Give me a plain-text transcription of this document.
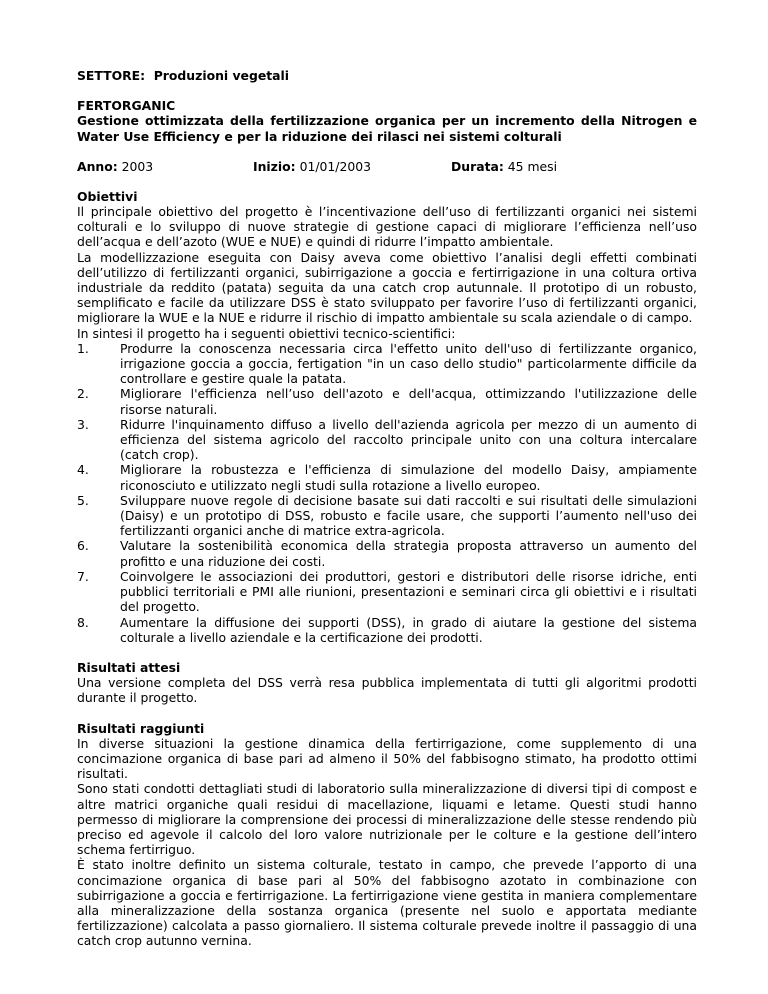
SETTORE: Produzioni vegetali

FERTORGANIC

Gestione ottimizzata della fertilizzazione organica per un incremento della Nitrogen e Water Use Efficiency e per la riduzione dei rilasci nei sistemi colturali

Anno: 2003	Inizio: 01/01/2003	Durata: 45 mesi

Obiettivi

Il principale obiettivo del progetto è l’incentivazione dell’uso di fertilizzanti organici nei sistemi colturali e lo sviluppo di nuove strategie di gestione capaci di migliorare l’efficienza nell’uso dell’acqua e dell’azoto (WUE e NUE) e quindi di ridurre l’impatto ambientale.

La modellizzazione eseguita con Daisy aveva come obiettivo l’analisi degli effetti combinati dell’utilizzo di fertilizzanti organici, subirrigazione a goccia e fertirrigazione in una coltura ortiva industriale da reddito (patata) seguita da una catch crop autunnale. Il prototipo di un robusto, semplificato e facile da utilizzare DSS è stato sviluppato per favorire l’uso di fertilizzanti organici, migliorare la WUE e la NUE e ridurre il rischio di impatto ambientale su scala aziendale o di campo.

In sintesi il progetto ha i seguenti obiettivi tecnico-scientifici:

1.	Produrre la conoscenza necessaria circa l'effetto unito dell'uso di fertilizzante organico, irrigazione goccia a goccia, fertigation "in un caso dello studio" particolarmente difficile da controllare e gestire quale la patata.
2.	Migliorare l'efficienza nell’uso dell'azoto e dell'acqua, ottimizzando l'utilizzazione delle risorse naturali.
3.	Ridurre l'inquinamento diffuso a livello dell'azienda agricola per mezzo di un aumento di efficienza del sistema agricolo del raccolto principale unito con una coltura intercalare (catch crop).
4.	Migliorare la robustezza e l'efficienza di simulazione del modello Daisy, ampiamente riconosciuto e utilizzato negli studi sulla rotazione a livello europeo.
5.	Sviluppare nuove regole di decisione basate sui dati raccolti e sui risultati delle simulazioni (Daisy) e un prototipo di DSS, robusto e facile usare, che supporti l’aumento nell'uso dei fertilizzanti organici anche di matrice extra-agricola.
6.	Valutare la sostenibilità economica della strategia proposta attraverso un aumento del profitto e una riduzione dei costi.
7.	Coinvolgere le associazioni dei produttori, gestori e distributori delle risorse idriche, enti pubblici territoriali e PMI alle riunioni, presentazioni e seminari circa gli obiettivi e i risultati del progetto.
8.	Aumentare la diffusione dei supporti (DSS), in grado di aiutare la gestione del sistema colturale a livello aziendale e la certificazione dei prodotti.

Risultati attesi

Una versione completa del DSS verrà resa pubblica implementata di tutti gli algoritmi prodotti durante il progetto.

Risultati raggiunti

In diverse situazioni la gestione dinamica della fertirrigazione, come supplemento di una concimazione organica di base pari ad almeno il 50% del fabbisogno stimato, ha prodotto ottimi risultati.

Sono stati condotti dettagliati studi di laboratorio sulla mineralizzazione di diversi tipi di compost e altre matrici organiche quali residui di macellazione, liquami e letame. Questi studi hanno permesso di migliorare la comprensione dei processi di mineralizzazione delle stesse rendendo più preciso ed agevole il calcolo del loro valore nutrizionale per le colture e la gestione dell’intero schema fertirriguo.

È stato inoltre definito un sistema colturale, testato in campo, che prevede l’apporto di una concimazione organica di base pari al 50% del fabbisogno azotato in combinazione con subirrigazione a goccia e fertirrigazione. La fertirrigazione viene gestita in maniera complementare alla mineralizzazione della sostanza organica (presente nel suolo e apportata mediante fertilizzazione) calcolata a passo giornaliero. Il sistema colturale prevede inoltre il passaggio di una catch crop autunno vernina.
